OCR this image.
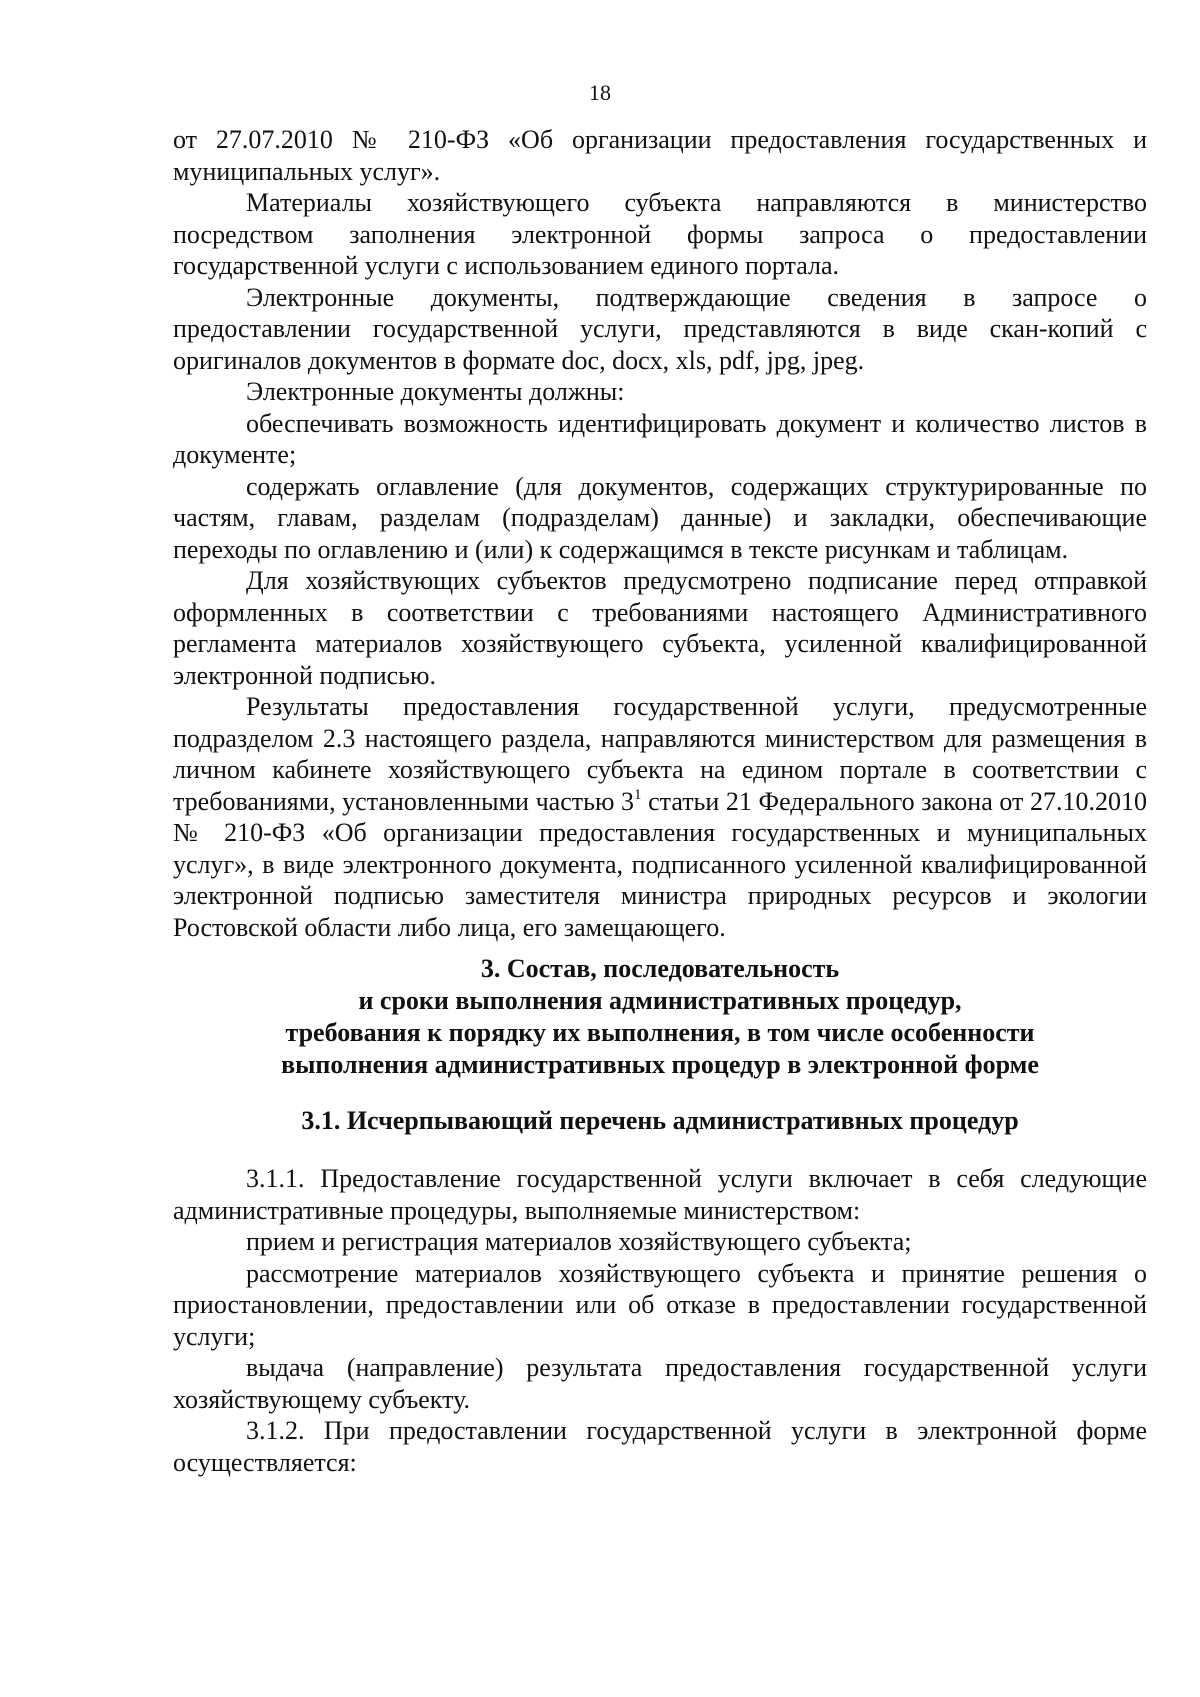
18

от 27.07.2010 № 210-ФЗ «Об организации предоставления государственных и муниципальных услуг».

Материалы хозяйствующего субъекта направляются в министерство посредством заполнения электронной формы запроса о предоставлении государственной услуги с использованием единого портала.

Электронные документы, подтверждающие сведения в запросе о предоставлении государственной услуги, представляются в виде скан-копий с оригиналов документов в формате doc, docx, xls, pdf, jpg, jpeg.

Электронные документы должны:

обеспечивать возможность идентифицировать документ и количество листов в документе;

содержать оглавление (для документов, содержащих структурированные по частям, главам, разделам (подразделам) данные) и закладки, обеспечивающие переходы по оглавлению и (или) к содержащимся в тексте рисункам и таблицам.

Для хозяйствующих субъектов предусмотрено подписание перед отправкой оформленных в соответствии с требованиями настоящего Административного регламента материалов хозяйствующего субъекта, усиленной квалифицированной электронной подписью.

Результаты предоставления государственной услуги, предусмотренные подразделом 2.3 настоящего раздела, направляются министерством для размещения в личном кабинете хозяйствующего субъекта на едином портале в соответствии с требованиями, установленными частью $3^1$ статьи 21 Федерального закона от 27.10.2010 № 210-ФЗ «Об организации предоставления государственных и муниципальных услуг», в виде электронного документа, подписанного усиленной квалифицированной электронной подписью заместителя министра природных ресурсов и экологии Ростовской области либо лица, его замещающего.

3. Состав, последовательность

и сроки выполнения административных процедур,

требования к порядку их выполнения, в том числе особенности

выполнения административных процедур в электронной форме

3.1. Исчерпывающий перечень административных процедур

3.1.1. Предоставление государственной услуги включает в себя следующие административные процедуры, выполняемые министерством:

прием и регистрация материалов хозяйствующего субъекта;

рассмотрение материалов хозяйствующего субъекта и принятие решения о приостановлении, предоставлении или об отказе в предоставлении государственной услуги;

выдача (направление) результата предоставления государственной услуги хозяйствующему субъекту.

3.1.2. При предоставлении государственной услуги в электронной форме осуществляется:
